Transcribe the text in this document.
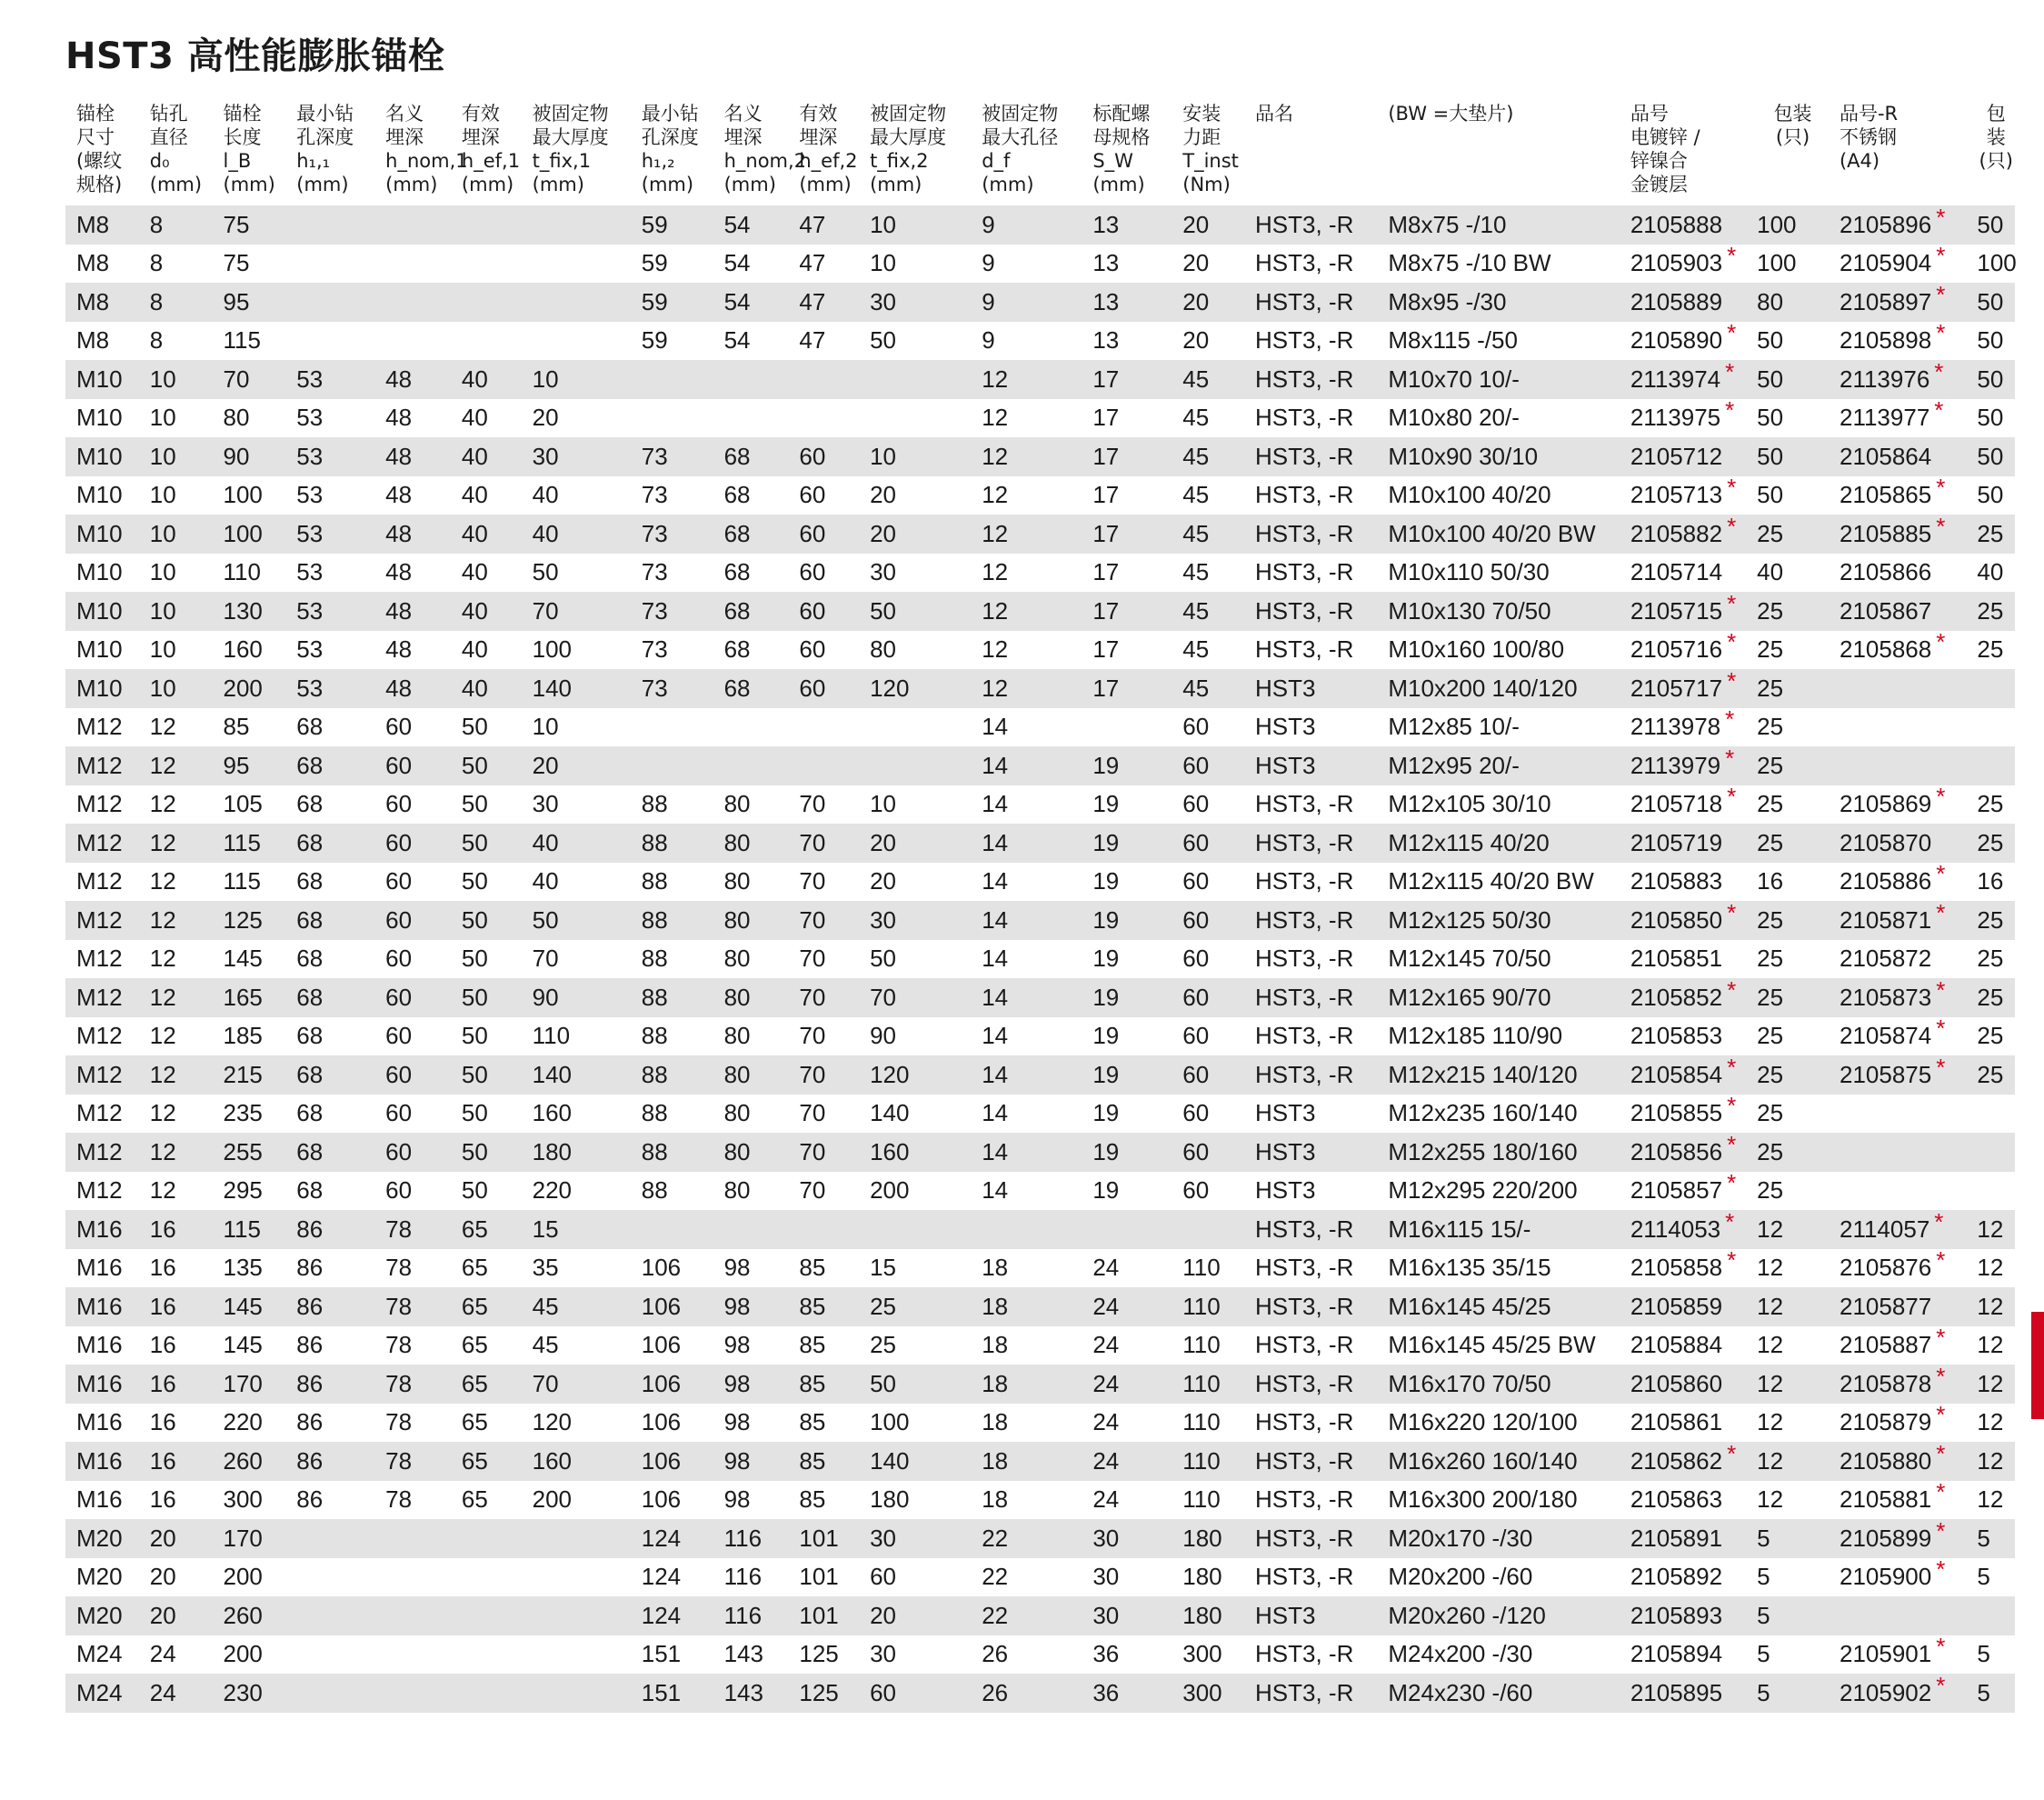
HST3 高性能膨胀锚栓
锚栓
尺寸
(螺纹
规格)	钻孔
直径
d₀
(mm)	锚栓
长度
l_B
(mm)	最小钻
孔深度
h₁,₁
(mm)	名义
埋深
h_nom,1
(mm)	有效
埋深
h_ef,1
(mm)	被固定物
最大厚度
t_fix,1
(mm)	最小钻
孔深度
h₁,₂
(mm)	名义
埋深
h_nom,2
(mm)	有效
埋深
h_ef,2
(mm)	被固定物
最大厚度
t_fix,2
(mm)	被固定物
最大孔径
d_f
(mm)	标配螺
母规格
S_W
(mm)	安装
力距
T_inst
(Nm)	品名	(BW =大垫片)	品号
电镀锌 /
锌镍合
金镀层	包装
(只)	品号-R
不锈钢
(A4)	包装
(只)

M8	8	75					59	54	47	10	9	13	20	HST3, -R	M8x75 -/10	2105888	100	2105896 *	50
M8	8	75					59	54	47	10	9	13	20	HST3, -R	M8x75 -/10 BW	2105903 *	100	2105904 *	100
M8	8	95					59	54	47	30	9	13	20	HST3, -R	M8x95 -/30	2105889	80	2105897 *	50
M8	8	115					59	54	47	50	9	13	20	HST3, -R	M8x115 -/50	2105890 *	50	2105898 *	50
M10	10	70	53	48	40	10					12	17	45	HST3, -R	M10x70 10/-	2113974 *	50	2113976 *	50
M10	10	80	53	48	40	20					12	17	45	HST3, -R	M10x80 20/-	2113975 *	50	2113977 *	50
M10	10	90	53	48	40	30	73	68	60	10	12	17	45	HST3, -R	M10x90 30/10	2105712	50	2105864	50
M10	10	100	53	48	40	40	73	68	60	20	12	17	45	HST3, -R	M10x100 40/20	2105713 *	50	2105865 *	50
M10	10	100	53	48	40	40	73	68	60	20	12	17	45	HST3, -R	M10x100 40/20 BW	2105882 *	25	2105885 *	25
M10	10	110	53	48	40	50	73	68	60	30	12	17	45	HST3, -R	M10x110 50/30	2105714	40	2105866	40
M10	10	130	53	48	40	70	73	68	60	50	12	17	45	HST3, -R	M10x130 70/50	2105715 *	25	2105867	25
M10	10	160	53	48	40	100	73	68	60	80	12	17	45	HST3, -R	M10x160 100/80	2105716 *	25	2105868 *	25
M10	10	200	53	48	40	140	73	68	60	120	12	17	45	HST3	M10x200 140/120	2105717 *	25		
M12	12	85	68	60	50	10					14		60	HST3	M12x85 10/-	2113978 *	25		
M12	12	95	68	60	50	20					14	19	60	HST3	M12x95 20/-	2113979 *	25		
M12	12	105	68	60	50	30	88	80	70	10	14	19	60	HST3, -R	M12x105 30/10	2105718 *	25	2105869 *	25
M12	12	115	68	60	50	40	88	80	70	20	14	19	60	HST3, -R	M12x115 40/20	2105719	25	2105870	25
M12	12	115	68	60	50	40	88	80	70	20	14	19	60	HST3, -R	M12x115 40/20 BW	2105883	16	2105886 *	16
M12	12	125	68	60	50	50	88	80	70	30	14	19	60	HST3, -R	M12x125 50/30	2105850 *	25	2105871 *	25
M12	12	145	68	60	50	70	88	80	70	50	14	19	60	HST3, -R	M12x145 70/50	2105851	25	2105872	25
M12	12	165	68	60	50	90	88	80	70	70	14	19	60	HST3, -R	M12x165 90/70	2105852 *	25	2105873 *	25
M12	12	185	68	60	50	110	88	80	70	90	14	19	60	HST3, -R	M12x185 110/90	2105853	25	2105874 *	25
M12	12	215	68	60	50	140	88	80	70	120	14	19	60	HST3, -R	M12x215 140/120	2105854 *	25	2105875 *	25
M12	12	235	68	60	50	160	88	80	70	140	14	19	60	HST3	M12x235 160/140	2105855 *	25		
M12	12	255	68	60	50	180	88	80	70	160	14	19	60	HST3	M12x255 180/160	2105856 *	25		
M12	12	295	68	60	50	220	88	80	70	200	14	19	60	HST3	M12x295 220/200	2105857 *	25		
M16	16	115	86	78	65	15								HST3, -R	M16x115 15/-	2114053 *	12	2114057 *	12
M16	16	135	86	78	65	35	106	98	85	15	18	24	110	HST3, -R	M16x135 35/15	2105858 *	12	2105876 *	12
M16	16	145	86	78	65	45	106	98	85	25	18	24	110	HST3, -R	M16x145 45/25	2105859	12	2105877	12
M16	16	145	86	78	65	45	106	98	85	25	18	24	110	HST3, -R	M16x145 45/25 BW	2105884	12	2105887 *	12
M16	16	170	86	78	65	70	106	98	85	50	18	24	110	HST3, -R	M16x170 70/50	2105860	12	2105878 *	12
M16	16	220	86	78	65	120	106	98	85	100	18	24	110	HST3, -R	M16x220 120/100	2105861	12	2105879 *	12
M16	16	260	86	78	65	160	106	98	85	140	18	24	110	HST3, -R	M16x260 160/140	2105862 *	12	2105880 *	12
M16	16	300	86	78	65	200	106	98	85	180	18	24	110	HST3, -R	M16x300 200/180	2105863	12	2105881 *	12
M20	20	170					124	116	101	30	22	30	180	HST3, -R	M20x170 -/30	2105891	5	2105899 *	5
M20	20	200					124	116	101	60	22	30	180	HST3, -R	M20x200 -/60	2105892	5	2105900 *	5
M20	20	260					124	116	101	20	22	30	180	HST3	M20x260 -/120	2105893	5		
M24	24	200					151	143	125	30	26	36	300	HST3, -R	M24x200 -/30	2105894	5	2105901 *	5
M24	24	230					151	143	125	60	26	36	300	HST3, -R	M24x230 -/60	2105895	5	2105902 *	5
